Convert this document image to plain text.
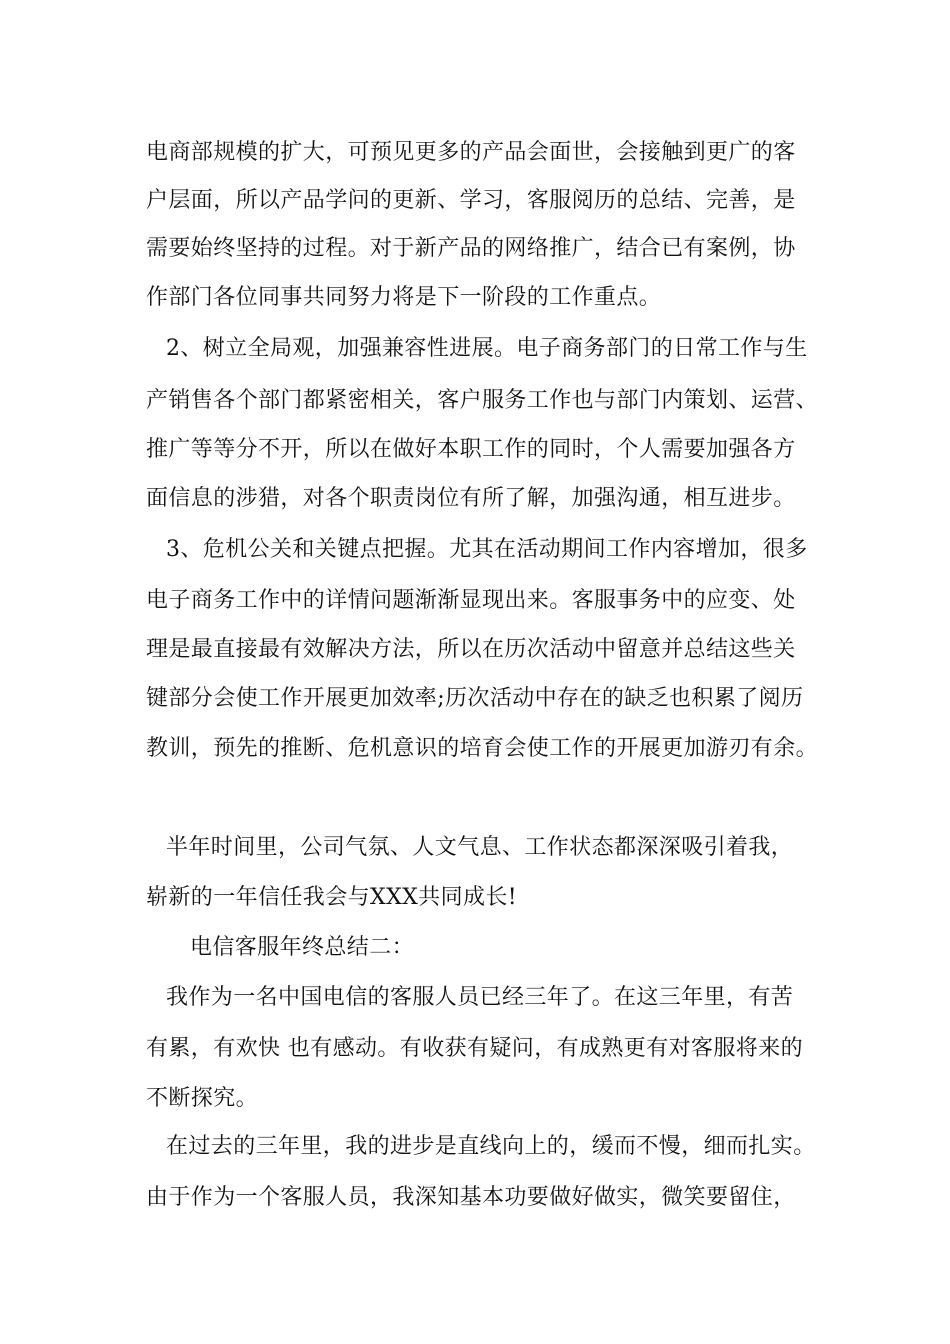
电商部规模的扩大，可预见更多的产品会面世，会接触到更广的客
户层面，所以产品学问的更新、学习，客服阅历的总结、完善，是
需要始终坚持的过程。对于新产品的网络推广，结合已有案例，协
作部门各位同事共同努力将是下一阶段的工作重点。
2、树立全局观，加强兼容性进展。电子商务部门的日常工作与生
产销售各个部门都紧密相关，客户服务工作也与部门内策划、运营、
推广等等分不开，所以在做好本职工作的同时，个人需要加强各方
面信息的涉猎，对各个职责岗位有所了解，加强沟通，相互进步。
3、危机公关和关键点把握。尤其在活动期间工作内容增加，很多
电子商务工作中的详情问题渐渐显现出来。客服事务中的应变、处
理是最直接最有效解决方法，所以在历次活动中留意并总结这些关
键部分会使工作开展更加效率;历次活动中存在的缺乏也积累了阅历
教训，预先的推断、危机意识的培育会使工作的开展更加游刃有余。
半年时间里，公司气氛、人文气息、工作状态都深深吸引着我，
崭新的一年信任我会与XXX共同成长!
电信客服年终总结二：
我作为一名中国电信的客服人员已经三年了。在这三年里，有苦
有累，有欢快 也有感动。有收获有疑问，有成熟更有对客服将来的
不断探究。
在过去的三年里，我的进步是直线向上的，缓而不慢，细而扎实。
由于作为一个客服人员，我深知基本功要做好做实，微笑要留住，
